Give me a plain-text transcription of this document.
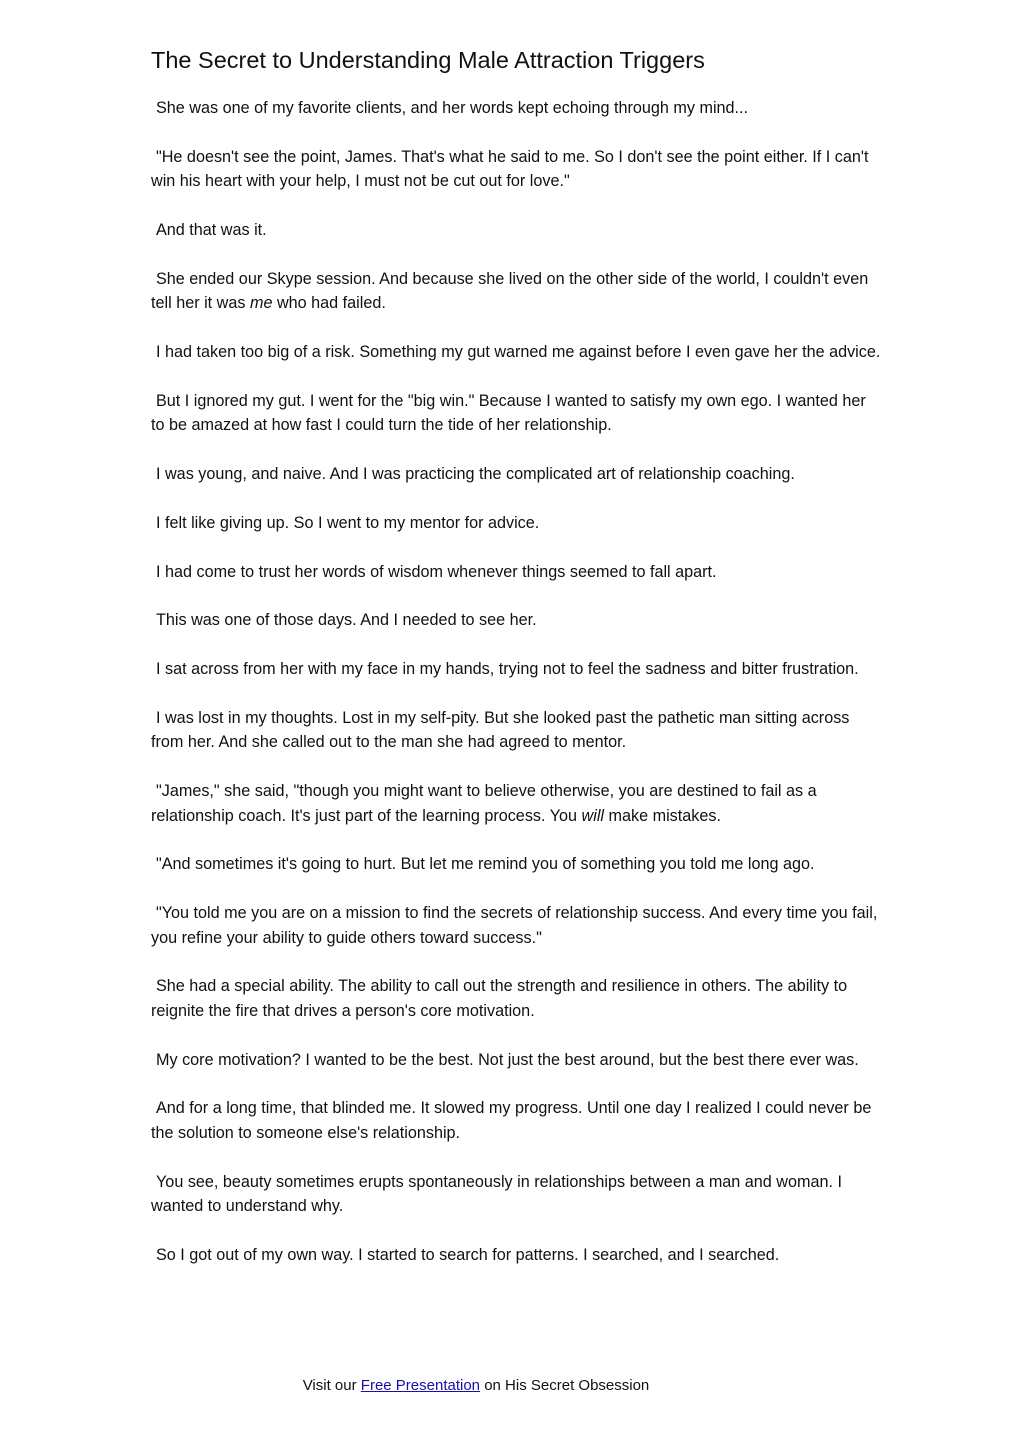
The Secret to Understanding Male Attraction Triggers

She was one of my favorite clients, and her words kept echoing through my mind...

"He doesn't see the point, James. That's what he said to me. So I don't see the point either. If I can't win his heart with your help, I must not be cut out for love."

And that was it.

She ended our Skype session. And because she lived on the other side of the world, I couldn't even tell her it was me who had failed.

I had taken too big of a risk. Something my gut warned me against before I even gave her the advice.

But I ignored my gut. I went for the "big win." Because I wanted to satisfy my own ego. I wanted her to be amazed at how fast I could turn the tide of her relationship.

I was young, and naive. And I was practicing the complicated art of relationship coaching.

I felt like giving up. So I went to my mentor for advice.

I had come to trust her words of wisdom whenever things seemed to fall apart.

This was one of those days. And I needed to see her.

I sat across from her with my face in my hands, trying not to feel the sadness and bitter frustration.

I was lost in my thoughts. Lost in my self-pity. But she looked past the pathetic man sitting across from her. And she called out to the man she had agreed to mentor.

"James," she said, "though you might want to believe otherwise, you are destined to fail as a relationship coach. It's just part of the learning process. You will make mistakes.

"And sometimes it's going to hurt. But let me remind you of something you told me long ago.

"You told me you are on a mission to find the secrets of relationship success. And every time you fail, you refine your ability to guide others toward success."

She had a special ability. The ability to call out the strength and resilience in others. The ability to reignite the fire that drives a person's core motivation.

My core motivation? I wanted to be the best. Not just the best around, but the best there ever was.

And for a long time, that blinded me. It slowed my progress. Until one day I realized I could never be the solution to someone else's relationship.

You see, beauty sometimes erupts spontaneously in relationships between a man and woman. I wanted to understand why.

So I got out of my own way. I started to search for patterns. I searched, and I searched.

Visit our Free Presentation on His Secret Obsession
